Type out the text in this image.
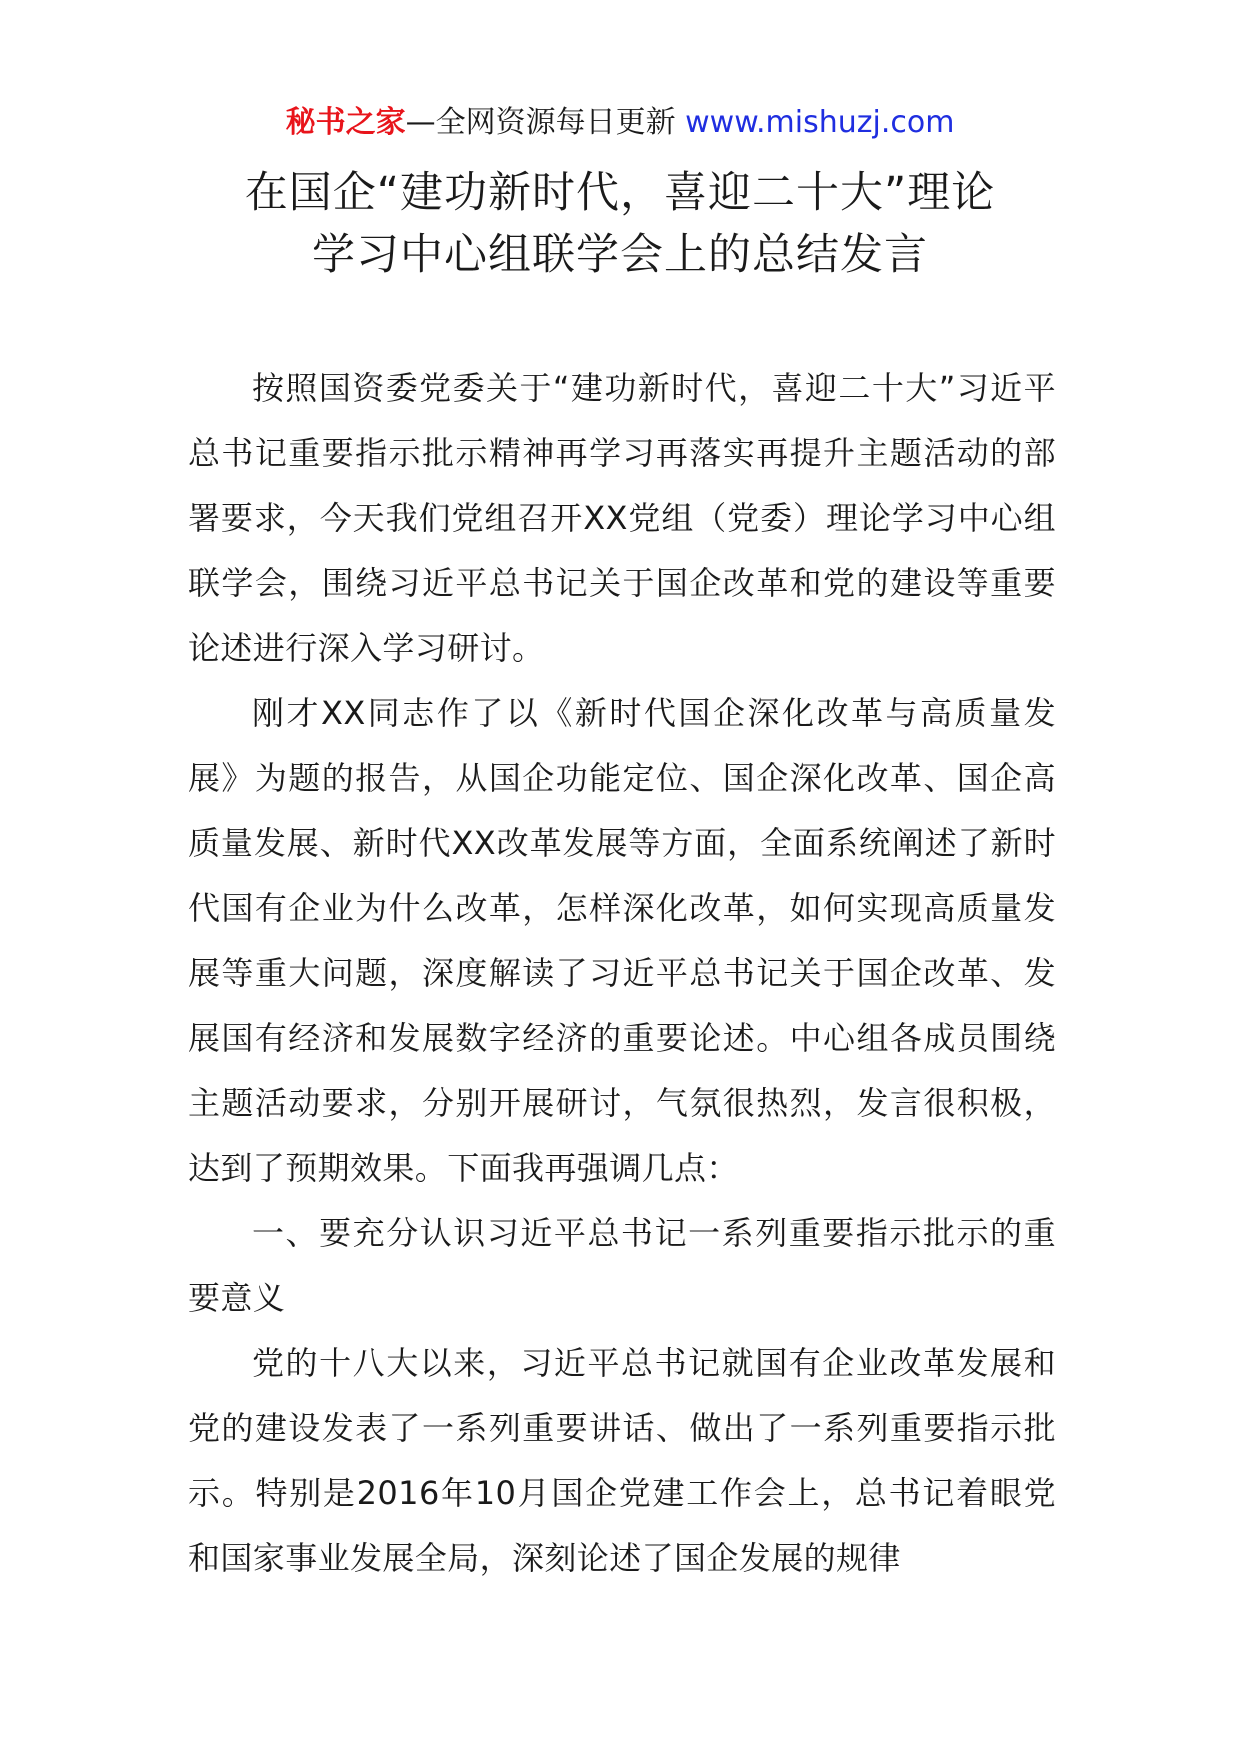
秘书之家—全网资源每日更新 www.mishuzj.com
在国企“建功新时代，喜迎二十大”理论
学习中心组联学会上的总结发言

按照国资委党委关于“建功新时代，喜迎二十大”习近平总书记重要指示批示精神再学习再落实再提升主题活动的部署要求，今天我们党组召开XX党组（党委）理论学习中心组联学会，围绕习近平总书记关于国企改革和党的建设等重要论述进行深入学习研讨。

刚才XX同志作了以《新时代国企深化改革与高质量发展》为题的报告，从国企功能定位、国企深化改革、国企高质量发展、新时代XX改革发展等方面，全面系统阐述了新时代国有企业为什么改革，怎样深化改革，如何实现高质量发展等重大问题，深度解读了习近平总书记关于国企改革、发展国有经济和发展数字经济的重要论述。中心组各成员围绕主题活动要求，分别开展研讨，气氛很热烈，发言很积极，达到了预期效果。下面我再强调几点：

一、要充分认识习近平总书记一系列重要指示批示的重要意义

党的十八大以来，习近平总书记就国有企业改革发展和党的建设发表了一系列重要讲话、做出了一系列重要指示批示。特别是2016年10月国企党建工作会上，总书记着眼党和国家事业发展全局，深刻论述了国企发展的规律
